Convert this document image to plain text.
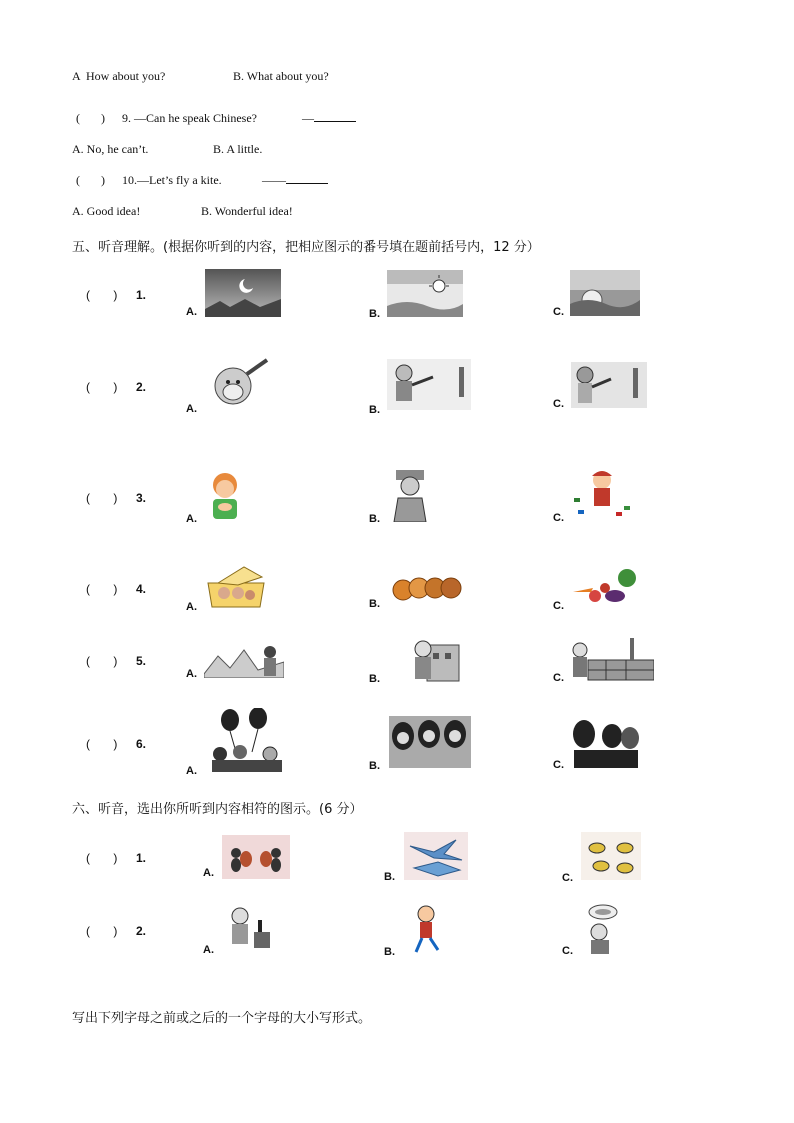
A  How about you?	B. What about you?
(       ) 9. —Can he speak Chinese?	—
A. No, he can’t.	B. A little.
(       ) 10.—Let’s fly a kite.	——
A. Good idea!	B. Wonderful idea!
五、听音理解。(根据你听到的内容，把相应图示的番号填在题前括号内，12 分）
(       ) 1.
A.	B.	C.
(       ) 2.
A.	B.	C.
(       ) 3.
A.	B.	C.
(       ) 4.
A.	B.	C.
(       ) 5.
A.	B.	C.
(       ) 6.
A.	B.	C.
六、听音，选出你所听到内容相符的图示。(6 分）
(       ) 1.
A.	B.	C.
(       ) 2.
A.	B.	C.
写出下列字母之前或之后的一个字母的大小写形式。
